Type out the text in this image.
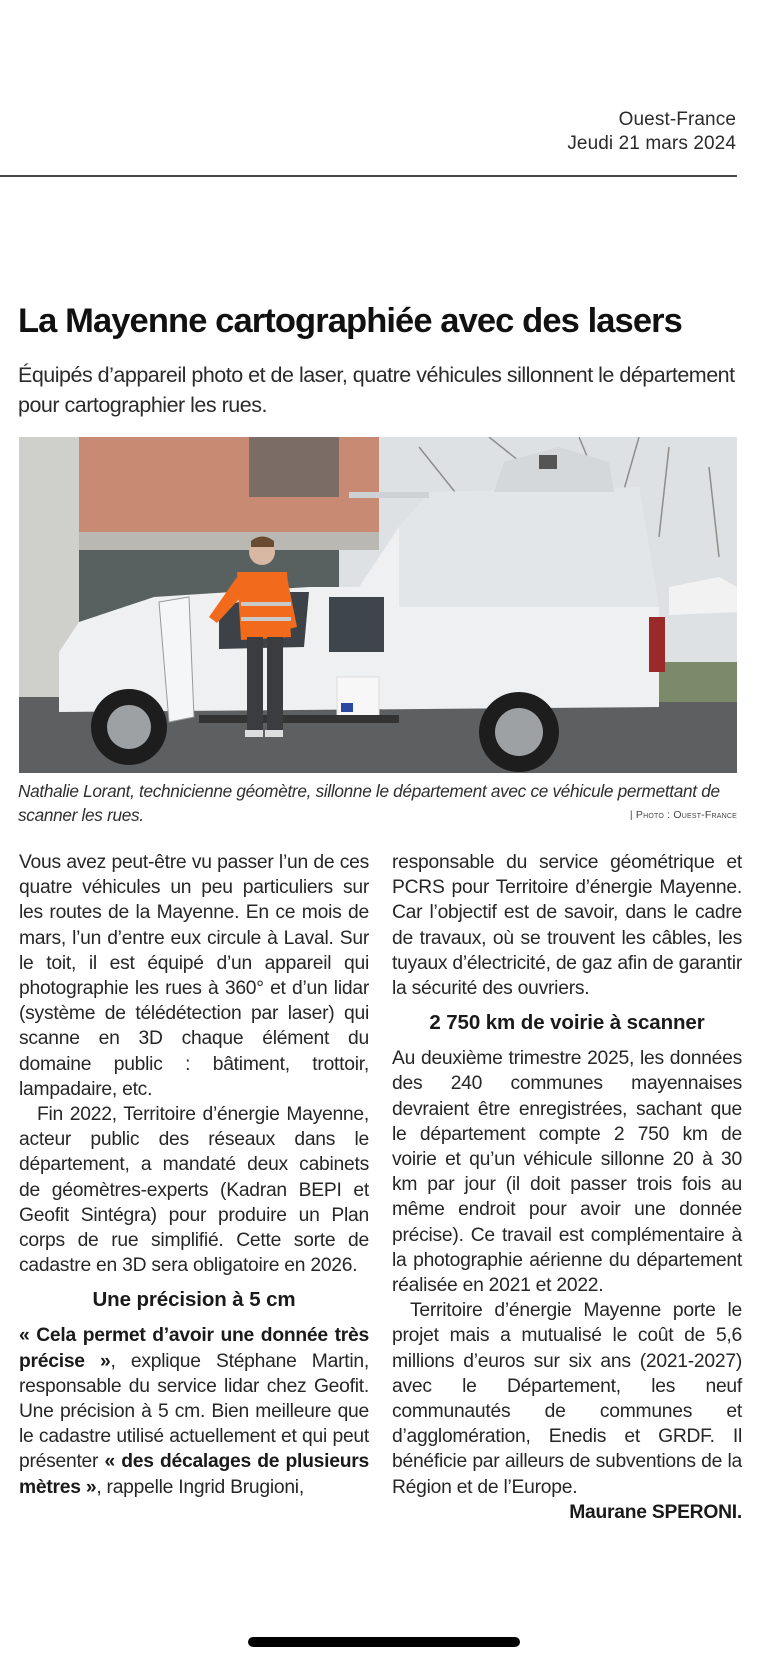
Ouest-France
Jeudi 21 mars 2024
La Mayenne cartographiée avec des lasers
Équipés d’appareil photo et de laser, quatre véhicules sillonnent le département pour cartographier les rues.
Nathalie Lorant, technicienne géomètre, sillonne le département avec ce véhicule permettant de scanner les rues.	| Photo : Ouest-France

Vous avez peut-être vu passer l’un de ces quatre véhicules un peu particuliers sur les routes de la Mayenne. En ce mois de mars, l’un d’entre eux circule à Laval. Sur le toit, il est équipé d’un appareil qui photographie les rues à 360° et d’un lidar (système de télédétection par laser) qui scanne en 3D chaque élément du domaine public : bâtiment, trottoir, lampadaire, etc.

Fin 2022, Territoire d’énergie Mayenne, acteur public des réseaux dans le département, a mandaté deux cabinets de géomètres-experts (Kadran BEPI et Geofit Sintégra) pour produire un Plan corps de rue simplifié. Cette sorte de cadastre en 3D sera obligatoire en 2026.

Une précision à 5 cm

« Cela permet d’avoir une donnée très précise », explique Stéphane Martin, responsable du service lidar chez Geofit. Une précision à 5 cm. Bien meilleure que le cadastre utilisé actuellement et qui peut présenter « des décalages de plusieurs mètres », rappelle Ingrid Brugioni,

responsable du service géométrique et PCRS pour Territoire d’énergie Mayenne. Car l’objectif est de savoir, dans le cadre de travaux, où se trouvent les câbles, les tuyaux d’électricité, de gaz afin de garantir la sécurité des ouvriers.

2 750 km de voirie à scanner

Au deuxième trimestre 2025, les données des 240 communes mayennaises devraient être enregistrées, sachant que le département compte 2 750 km de voirie et qu’un véhicule sillonne 20 à 30 km par jour (il doit passer trois fois au même endroit pour avoir une donnée précise). Ce travail est complémentaire à la photographie aérienne du département réalisée en 2021 et 2022.

Territoire d’énergie Mayenne porte le projet mais a mutualisé le coût de 5,6 millions d’euros sur six ans (2021-2027) avec le Département, les neuf communautés de communes et d’agglomération, Enedis et GRDF. Il bénéficie par ailleurs de subventions de la Région et de l’Europe.

Maurane SPERONI.
